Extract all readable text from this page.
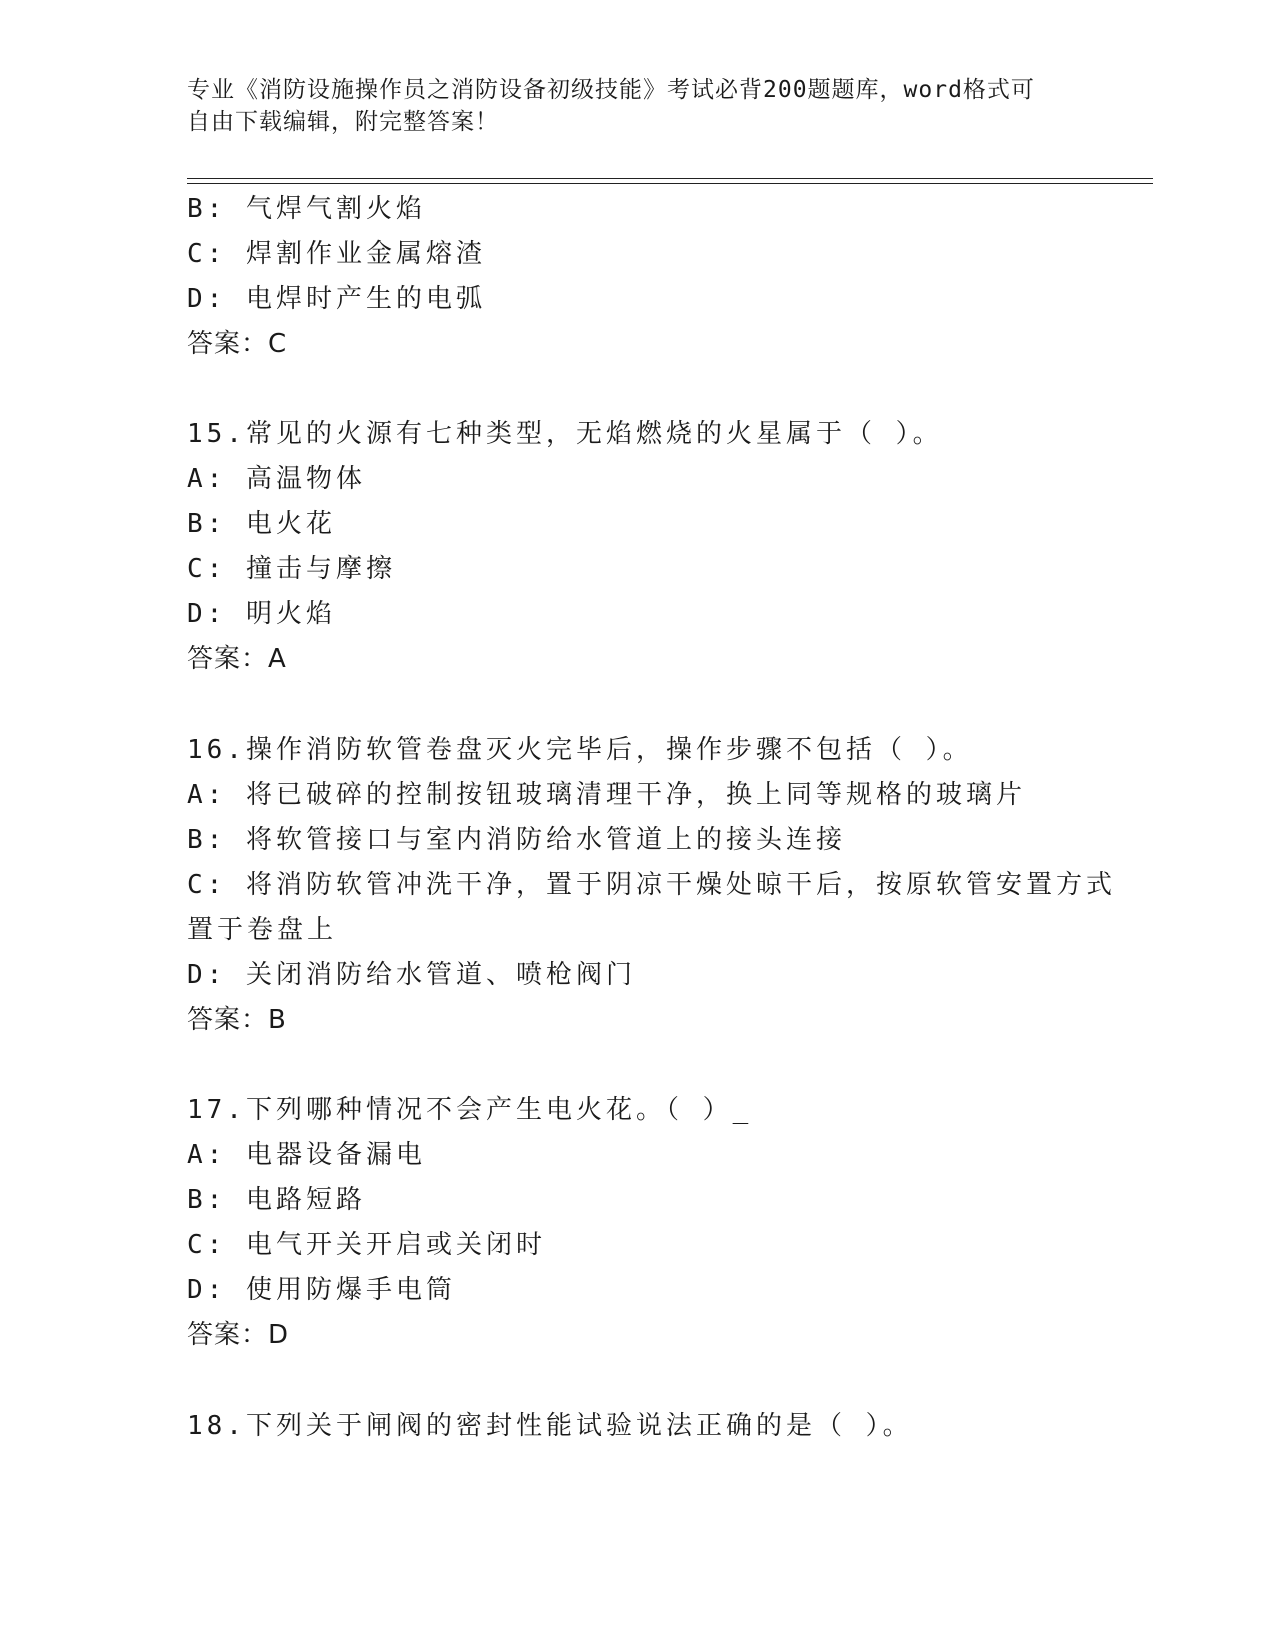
专业《消防设施操作员之消防设备初级技能》考试必背200题题库，word格式可
自由下载编辑，附完整答案！
B: 气焊气割火焰
C: 焊割作业金属熔渣
D: 电焊时产生的电弧
答案：C
15.常见的火源有七种类型，无焰燃烧的火星属于（ ）。
A: 高温物体
B: 电火花
C: 撞击与摩擦
D: 明火焰
答案：A
16.操作消防软管卷盘灭火完毕后，操作步骤不包括（ ）。
A: 将已破碎的控制按钮玻璃清理干净，换上同等规格的玻璃片
B: 将软管接口与室内消防给水管道上的接头连接
C: 将消防软管冲洗干净，置于阴凉干燥处晾干后，按原软管安置方式
置于卷盘上
D: 关闭消防给水管道、喷枪阀门
答案：B
17.下列哪种情况不会产生电火花。（ ）_
A: 电器设备漏电
B: 电路短路
C: 电气开关开启或关闭时
D: 使用防爆手电筒
答案：D
18.下列关于闸阀的密封性能试验说法正确的是（ ）。
